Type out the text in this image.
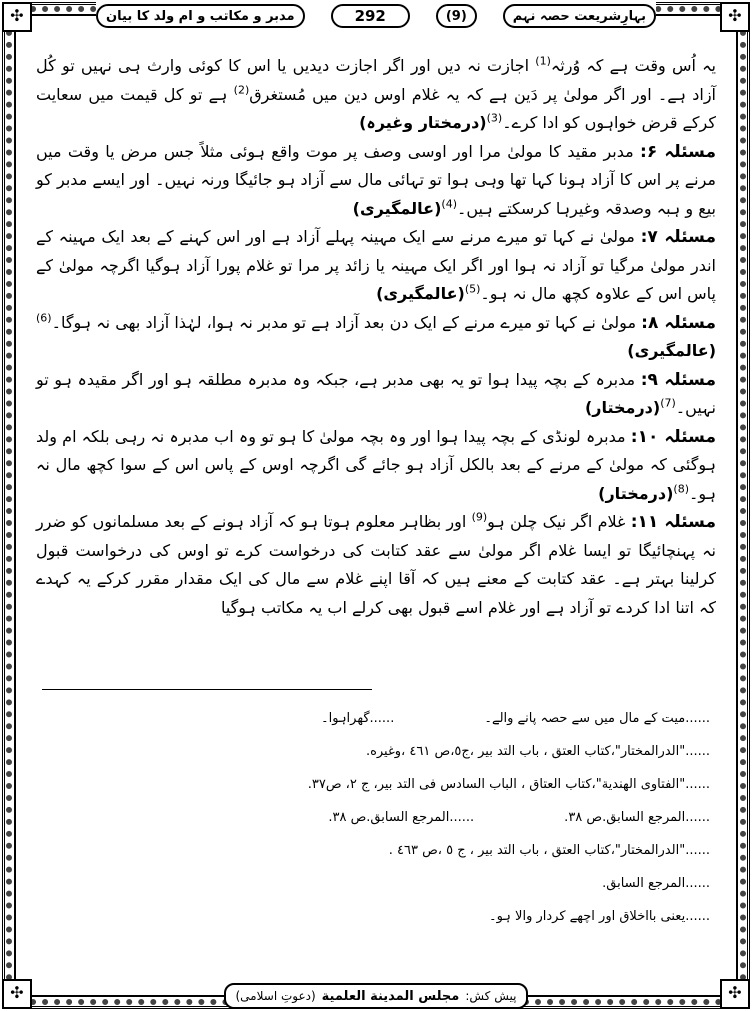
✣	✣
✣	✣
بہارِشریعت حصہ نہم
(9)
292
مدبر و مکاتب و ام ولد کا بیان

یہ اُس وقت ہے کہ وُرثہ$^{(1)}$ اجازت نہ دیں اور اگر اجازت دیدیں یا اس کا کوئی وارث ہی نہیں تو کُل آزاد ہے۔ اور اگر مولیٰ پر دَین ہے کہ یہ غلام اوس دین میں مُستغرق$^{(2)}$ ہے تو کل قیمت میں سعایت کرکے قرض خواہوں کو ادا کرے۔$^{(3)}$(درمختار وغیرہ)

مسئلہ ۶: مدبر مقید کا مولیٰ مرا اور اوسی وصف پر موت واقع ہوئی مثلاً جس مرض یا وقت میں مرنے پر اس کا آزاد ہونا کہا تھا وہی ہوا تو تہائی مال سے آزاد ہو جائیگا ورنہ نہیں۔ اور ایسے مدبر کو بیع و ہبہ وصدقہ وغیرہا کرسکتے ہیں۔$^{(4)}$(عالمگیری)

مسئلہ ۷: مولیٰ نے کہا تو میرے مرنے سے ایک مہینہ پہلے آزاد ہے اور اس کہنے کے بعد ایک مہینہ کے اندر مولیٰ مرگیا تو آزاد نہ ہوا اور اگر ایک مہینہ یا زائد پر مرا تو غلام پورا آزاد ہوگیا اگرچہ مولیٰ کے پاس اس کے علاوہ کچھ مال نہ ہو۔$^{(5)}$(عالمگیری)

مسئلہ ۸: مولیٰ نے کہا تو میرے مرنے کے ایک دن بعد آزاد ہے تو مدبر نہ ہوا، لہٰذا آزاد بھی نہ ہوگا۔$^{(6)}$(عالمگیری)

مسئلہ ۹: مدبرہ کے بچہ پیدا ہوا تو یہ بھی مدبر ہے، جبکہ وہ مدبرہ مطلقہ ہو اور اگر مقیدہ ہو تو نہیں۔$^{(7)}$(درمختار)

مسئلہ ۱۰: مدبرہ لونڈی کے بچہ پیدا ہوا اور وہ بچہ مولیٰ کا ہو تو وہ اب مدبرہ نہ رہی بلکہ ام ولد ہوگئی کہ مولیٰ کے مرنے کے بعد بالکل آزاد ہو جائے گی اگرچہ اوس کے پاس اس کے سوا کچھ مال نہ ہو۔$^{(8)}$(درمختار)

مسئلہ ۱۱: غلام اگر نیک چلن ہو$^{(9)}$ اور بظاہر معلوم ہوتا ہو کہ آزاد ہونے کے بعد مسلمانوں کو ضرر نہ پہنچائیگا تو ایسا غلام اگر مولیٰ سے عقد کتابت کی درخواست کرے تو اوس کی درخواست قبول کرلینا بہتر ہے۔ عقد کتابت کے معنے ہیں کہ آقا اپنے غلام سے مال کی ایک مقدار مقرر کرکے یہ کہدے کہ اتنا ادا کردے تو آزاد ہے اور غلام اسے قبول بھی کرلے اب یہ مکاتب ہوگیا

......میت کے مال میں سے حصہ پانے والے۔
......گھراہوا۔
......"الدرالمختار"،كتاب العتق ، باب التد بير ،ج٥،ص ٤٦١ ،وغيره.
......"الفتاوی الهندية"،كتاب العتاق ، الباب السادس فی التد بير، ج ٢، ص٣٧.
......المرجع السابق.ص ٣٨.
......المرجع السابق.ص ٣٨.
......"الدرالمختار"،كتاب العتق ، باب التد بير ، ج ٥ ،ص ٤٦٣ .
......المرجع السابق.
......یعنی بااخلاق اور اچھے کردار والا ہو۔
پیش کش:
مجلس المدينة العلمية
(دعوتِ اسلامی)
